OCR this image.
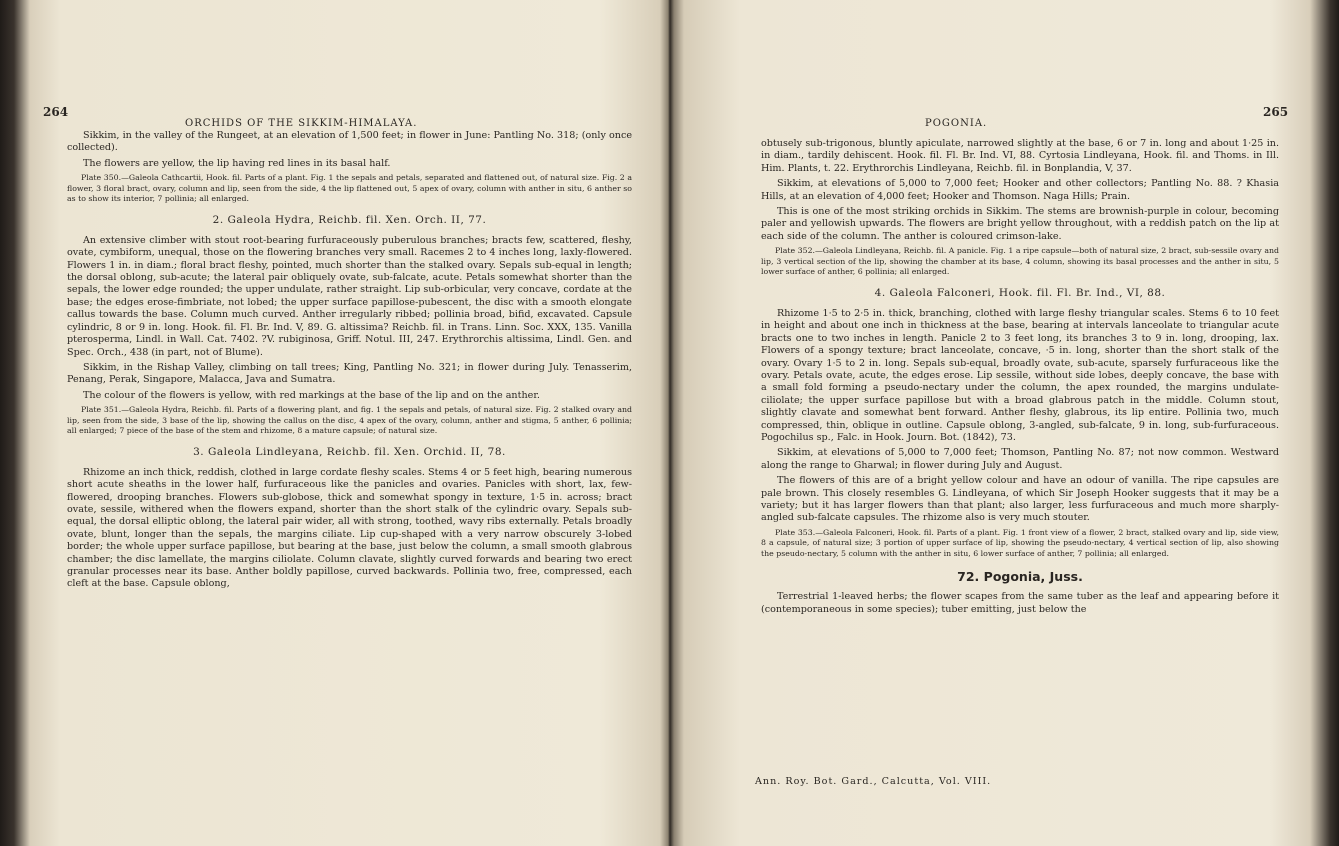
264
ORCHIDS OF THE SIKKIM-HIMALAYA.

Sikkim, in the valley of the Rungeet, at an elevation of 1,500 feet; in flower in June: Pantling No. 318; (only once collected).

The flowers are yellow, the lip having red lines in its basal half.

Plate 350.—Galeola Cathcartii, Hook. fil. Parts of a plant. Fig. 1 the sepals and petals, separated and flattened out, of natural size. Fig. 2 a flower, 3 floral bract, ovary, column and lip, seen from the side, 4 the lip flattened out, 5 apex of ovary, column with anther in situ, 6 anther so as to show its interior, 7 pollinia; all enlarged.
2. Galeola Hydra, Reichb. fil. Xen. Orch. II, 77.

An extensive climber with stout root-bearing furfuraceously puberulous branches; bracts few, scattered, fleshy, ovate, cymbiform, unequal, those on the flowering branches very small. Racemes 2 to 4 inches long, laxly-flowered. Flowers 1 in. in diam.; floral bract fleshy, pointed, much shorter than the stalked ovary. Sepals sub-equal in length; the dorsal oblong, sub-acute; the lateral pair obliquely ovate, sub-falcate, acute. Petals somewhat shorter than the sepals, the lower edge rounded; the upper undulate, rather straight. Lip sub-orbicular, very concave, cordate at the base; the edges erose-fimbriate, not lobed; the upper surface papillose-pubescent, the disc with a smooth elongate callus towards the base. Column much curved. Anther irregularly ribbed; pollinia broad, bifid, excavated. Capsule cylindric, 8 or 9 in. long. Hook. fil. Fl. Br. Ind. V, 89. G. altissima? Reichb. fil. in Trans. Linn. Soc. XXX, 135. Vanilla pterosperma, Lindl. in Wall. Cat. 7402. ?V. rubiginosa, Griff. Notul. III, 247. Erythrorchis altissima, Lindl. Gen. and Spec. Orch., 438 (in part, not of Blume).

Sikkim, in the Rishap Valley, climbing on tall trees; King, Pantling No. 321; in flower during July. Tenasserim, Penang, Perak, Singapore, Malacca, Java and Sumatra.

The colour of the flowers is yellow, with red markings at the base of the lip and on the anther.

Plate 351.—Galeola Hydra, Reichb. fil. Parts of a flowering plant, and fig. 1 the sepals and petals, of natural size. Fig. 2 stalked ovary and lip, seen from the side, 3 base of the lip, showing the callus on the disc, 4 apex of the ovary, column, anther and stigma, 5 anther, 6 pollinia; all enlarged; 7 piece of the base of the stem and rhizome, 8 a mature capsule; of natural size.
3. Galeola Lindleyana, Reichb. fil. Xen. Orchid. II, 78.

Rhizome an inch thick, reddish, clothed in large cordate fleshy scales. Stems 4 or 5 feet high, bearing numerous short acute sheaths in the lower half, furfuraceous like the panicles and ovaries. Panicles with short, lax, few-flowered, drooping branches. Flowers sub-globose, thick and somewhat spongy in texture, 1·5 in. across; bract ovate, sessile, withered when the flowers expand, shorter than the short stalk of the cylindric ovary. Sepals sub-equal, the dorsal elliptic oblong, the lateral pair wider, all with strong, toothed, wavy ribs externally. Petals broadly ovate, blunt, longer than the sepals, the margins ciliate. Lip cup-shaped with a very narrow obscurely 3-lobed border; the whole upper surface papillose, but bearing at the base, just below the column, a small smooth glabrous chamber; the disc lamellate, the margins ciliolate. Column clavate, slightly curved forwards and bearing two erect granular processes near its base. Anther boldly papillose, curved backwards. Pollinia two, free, compressed, each cleft at the base. Capsule oblong,

POGONIA.
265

obtusely sub-trigonous, bluntly apiculate, narrowed slightly at the base, 6 or 7 in. long and about 1·25 in. in diam., tardily dehiscent. Hook. fil. Fl. Br. Ind. VI, 88. Cyrtosia Lindleyana, Hook. fil. and Thoms. in Ill. Him. Plants, t. 22. Erythrorchis Lindleyana, Reichb. fil. in Bonplandia, V, 37.

Sikkim, at elevations of 5,000 to 7,000 feet; Hooker and other collectors; Pantling No. 88. ? Khasia Hills, at an elevation of 4,000 feet; Hooker and Thomson. Naga Hills; Prain.

This is one of the most striking orchids in Sikkim. The stems are brownish-purple in colour, becoming paler and yellowish upwards. The flowers are bright yellow throughout, with a reddish patch on the lip at each side of the column. The anther is coloured crimson-lake.

Plate 352.—Galeola Lindleyana, Reichb. fil. A panicle. Fig. 1 a ripe capsule—both of natural size, 2 bract, sub-sessile ovary and lip, 3 vertical section of the lip, showing the chamber at its base, 4 column, showing its basal processes and the anther in situ, 5 lower surface of anther, 6 pollinia; all enlarged.
4. Galeola Falconeri, Hook. fil. Fl. Br. Ind., VI, 88.

Rhizome 1·5 to 2·5 in. thick, branching, clothed with large fleshy triangular scales. Stems 6 to 10 feet in height and about one inch in thickness at the base, bearing at intervals lanceolate to triangular acute bracts one to two inches in length. Panicle 2 to 3 feet long, its branches 3 to 9 in. long, drooping, lax. Flowers of a spongy texture; bract lanceolate, concave, ·5 in. long, shorter than the short stalk of the ovary. Ovary 1·5 to 2 in. long. Sepals sub-equal, broadly ovate, sub-acute, sparsely furfuraceous like the ovary. Petals ovate, acute, the edges erose. Lip sessile, without side lobes, deeply concave, the base with a small fold forming a pseudo-nectary under the column, the apex rounded, the margins undulate-ciliolate; the upper surface papillose but with a broad glabrous patch in the middle. Column stout, slightly clavate and somewhat bent forward. Anther fleshy, glabrous, its lip entire. Pollinia two, much compressed, thin, oblique in outline. Capsule oblong, 3-angled, sub-falcate, 9 in. long, sub-furfuraceous. Pogochilus sp., Falc. in Hook. Journ. Bot. (1842), 73.

Sikkim, at elevations of 5,000 to 7,000 feet; Thomson, Pantling No. 87; not now common. Westward along the range to Gharwal; in flower during July and August.

The flowers of this are of a bright yellow colour and have an odour of vanilla. The ripe capsules are pale brown. This closely resembles G. Lindleyana, of which Sir Joseph Hooker suggests that it may be a variety; but it has larger flowers than that plant; also larger, less furfuraceous and much more sharply-angled sub-falcate capsules. The rhizome also is very much stouter.

Plate 353.—Galeola Falconeri, Hook. fil. Parts of a plant. Fig. 1 front view of a flower, 2 bract, stalked ovary and lip, side view, 8 a capsule, of natural size; 3 portion of upper surface of lip, showing the pseudo-nectary, 4 vertical section of lip, also showing the pseudo-nectary, 5 column with the anther in situ, 6 lower surface of anther, 7 pollinia; all enlarged.
72. Pogonia, Juss.

Terrestrial 1-leaved herbs; the flower scapes from the same tuber as the leaf and appearing before it (contemporaneous in some species); tuber emitting, just below the

Ann. Roy. Bot. Gard., Calcutta, Vol. VIII.
